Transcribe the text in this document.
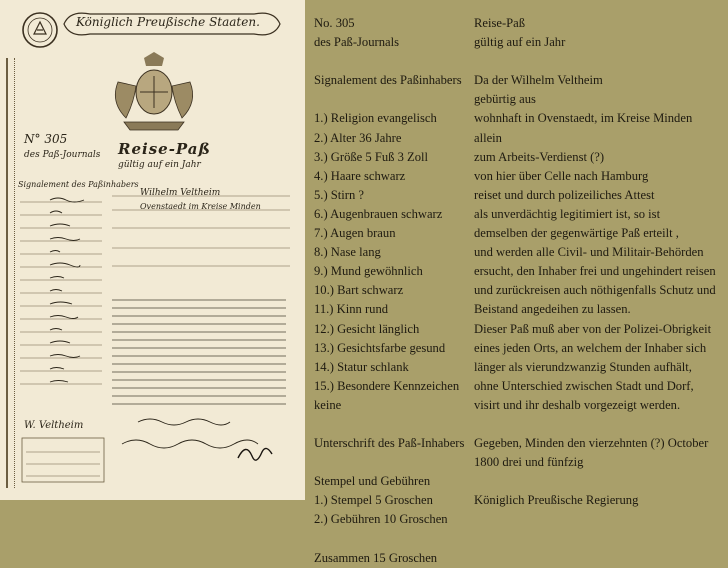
Königlich Preußische Staaten.
N° 305
des Paß-Journals Reise-Paß
gültig auf ein Jahr
Signalement des Paßinhabers
Wilhelm Veltheim
Ovenstaedt im Kreise Minden
W. Veltheim
No. 305
des Paß-Journals
Signalement des Paßinhabers
1.) Religion evangelisch
2.) Alter 36 Jahre
3.) Größe 5 Fuß 3 Zoll
4.) Haare schwarz
5.) Stirn ?
6.) Augenbrauen schwarz
7.) Augen braun
8.) Nase lang
9.) Mund gewöhnlich
10.) Bart schwarz
11.) Kinn rund
12.) Gesicht länglich
13.) Gesichtsfarbe gesund
14.) Statur schlank
15.) Besondere Kennzeichen
keine
Unterschrift des Paß-Inhabers
Stempel und Gebühren
1.) Stempel 5 Groschen
2.) Gebühren 10 Groschen
Zusammen 15 Groschen
Reise-Paß
gültig auf ein Jahr
Da der Wilhelm Veltheim
gebürtig aus
wohnhaft in Ovenstaedt, im Kreise Minden
allein
zum Arbeits-Verdienst (?)
von hier über Celle nach Hamburg
reiset und durch polizeiliches Attest
als unverdächtig legitimiert ist, so ist
demselben der gegenwärtige Paß erteilt ,
und werden alle Civil- und Militair-Behörden
ersucht, den Inhaber frei und ungehindert reisen
und zurückreisen auch nöthigenfalls Schutz und
Beistand angedeihen zu lassen.
Dieser Paß muß aber von der Polizei-Obrigkeit
eines jeden Orts, an welchem der Inhaber sich
länger als vierundzwanzig Stunden aufhält,
ohne Unterschied zwischen Stadt und Dorf,
visirt und ihr deshalb vorgezeigt werden.
Gegeben, Minden den vierzehnten (?) October
1800 drei und fünfzig
Königlich Preußische Regierung
